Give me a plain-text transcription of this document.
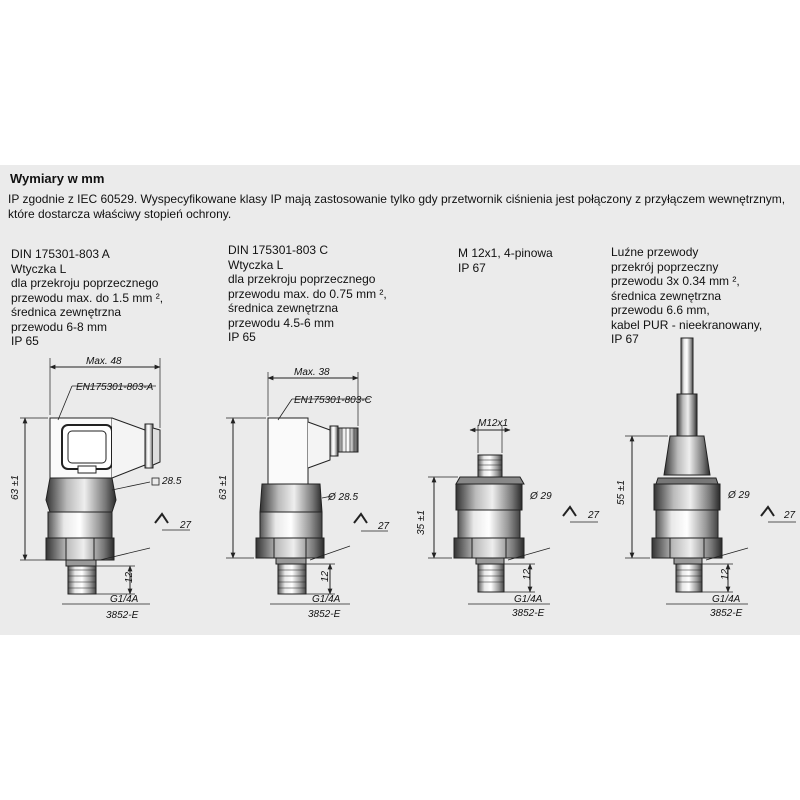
Wymiary w mm
IP zgodnie z IEC 60529. Wyspecyfikowane klasy IP mają zastosowanie tylko gdy przetwornik ciśnienia jest połączony z przyłączem wewnętrznym, które dostarcza właściwy stopień ochrony.
DIN 175301-803 A
Wtyczka L
dla przekroju poprzecznego
przewodu max. do 1.5 mm ²,
średnica zewnętrzna
przewodu 6-8 mm
IP 65
DIN 175301-803 C
Wtyczka L
dla przekroju poprzecznego
przewodu max. do 0.75 mm ²,
średnica zewnętrzna
przewodu 4.5-6 mm
IP 65
M 12x1, 4-pinowa
IP 67
Luźne przewody
przekrój poprzeczny
przewodu 3x 0.34 mm ²,
średnica zewnętrzna
przewodu 6.6 mm,
kabel PUR - nieekranowany,
IP 67
Max. 48
EN175301-803-A
63 ±1	28.5
27
12
G1/4A
3852-E
Max. 38
EN175301-803-C
63 ±1	Ø 28.5
27
12
G1/4A
3852-E
M12x1
35 ±1
Ø 29
27
12
G1/4A
3852-E
55 ±1	Ø 29
27
12
G1/4A
3852-E
